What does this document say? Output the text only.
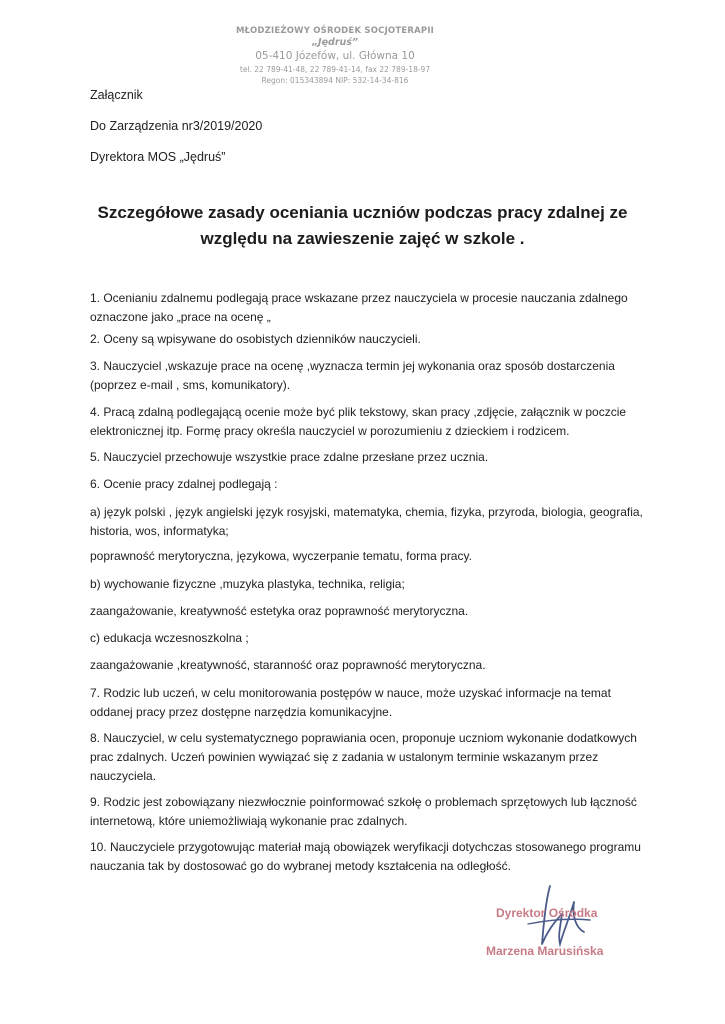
MŁODZIEŻOWY OŚRODEK SOCJOTERAPII
„Jędruś”
05-410 Józefów, ul. Główna 10
tel. 22 789-41-48, 22 789-41-14, fax 22 789-18-97
Regon: 015343894 NIP: 532-14-34-816
Załącznik
Do Zarządzenia nr3/2019/2020
Dyrektora MOS „Jędruś”
Szczegółowe zasady oceniania uczniów podczas pracy zdalnej ze
względu na zawieszenie zajęć w szkole .
1. Ocenianiu zdalnemu podlegają prace wskazane przez nauczyciela w procesie nauczania zdalnego oznaczone jako „prace na ocenę „
2. Oceny są wpisywane do osobistych dzienników nauczycieli.
3. Nauczyciel ,wskazuje prace na ocenę ,wyznacza termin jej wykonania oraz sposób dostarczenia (poprzez e-mail , sms, komunikatory).
4. Pracą zdalną podlegającą ocenie może być plik tekstowy, skan pracy ,zdjęcie, załącznik w poczcie elektronicznej itp. Formę pracy określa nauczyciel w porozumieniu z dzieckiem i rodzicem.
5. Nauczyciel przechowuje wszystkie prace zdalne przesłane przez ucznia.
6. Ocenie pracy zdalnej podlegają :
a) język polski , język angielski język rosyjski, matematyka, chemia, fizyka, przyroda, biologia, geografia, historia, wos, informatyka;
poprawność merytoryczna, językowa, wyczerpanie tematu, forma pracy.
b) wychowanie fizyczne ,muzyka plastyka, technika, religia;
zaangażowanie, kreatywność estetyka oraz poprawność merytoryczna.
c) edukacja wczesnoszkolna ;
zaangażowanie ,kreatywność, staranność oraz poprawność merytoryczna.
7. Rodzic lub uczeń, w celu monitorowania postępów w nauce, może uzyskać informacje na temat oddanej pracy przez dostępne narzędzia komunikacyjne.
8. Nauczyciel, w celu systematycznego poprawiania ocen, proponuje uczniom wykonanie dodatkowych prac zdalnych. Uczeń powinien wywiązać się z zadania w ustalonym terminie wskazanym przez nauczyciela.
9. Rodzic jest zobowiązany niezwłocznie poinformować szkołę o problemach sprzętowych lub łączność internetową, które uniemożliwiają wykonanie prac zdalnych.
10. Nauczyciele przygotowując materiał mają obowiązek weryfikacji dotychczas stosowanego programu nauczania tak by dostosować go do wybranej metody kształcenia na odległość.
Dyrektor Ośrodka
Marzena Marusińska
